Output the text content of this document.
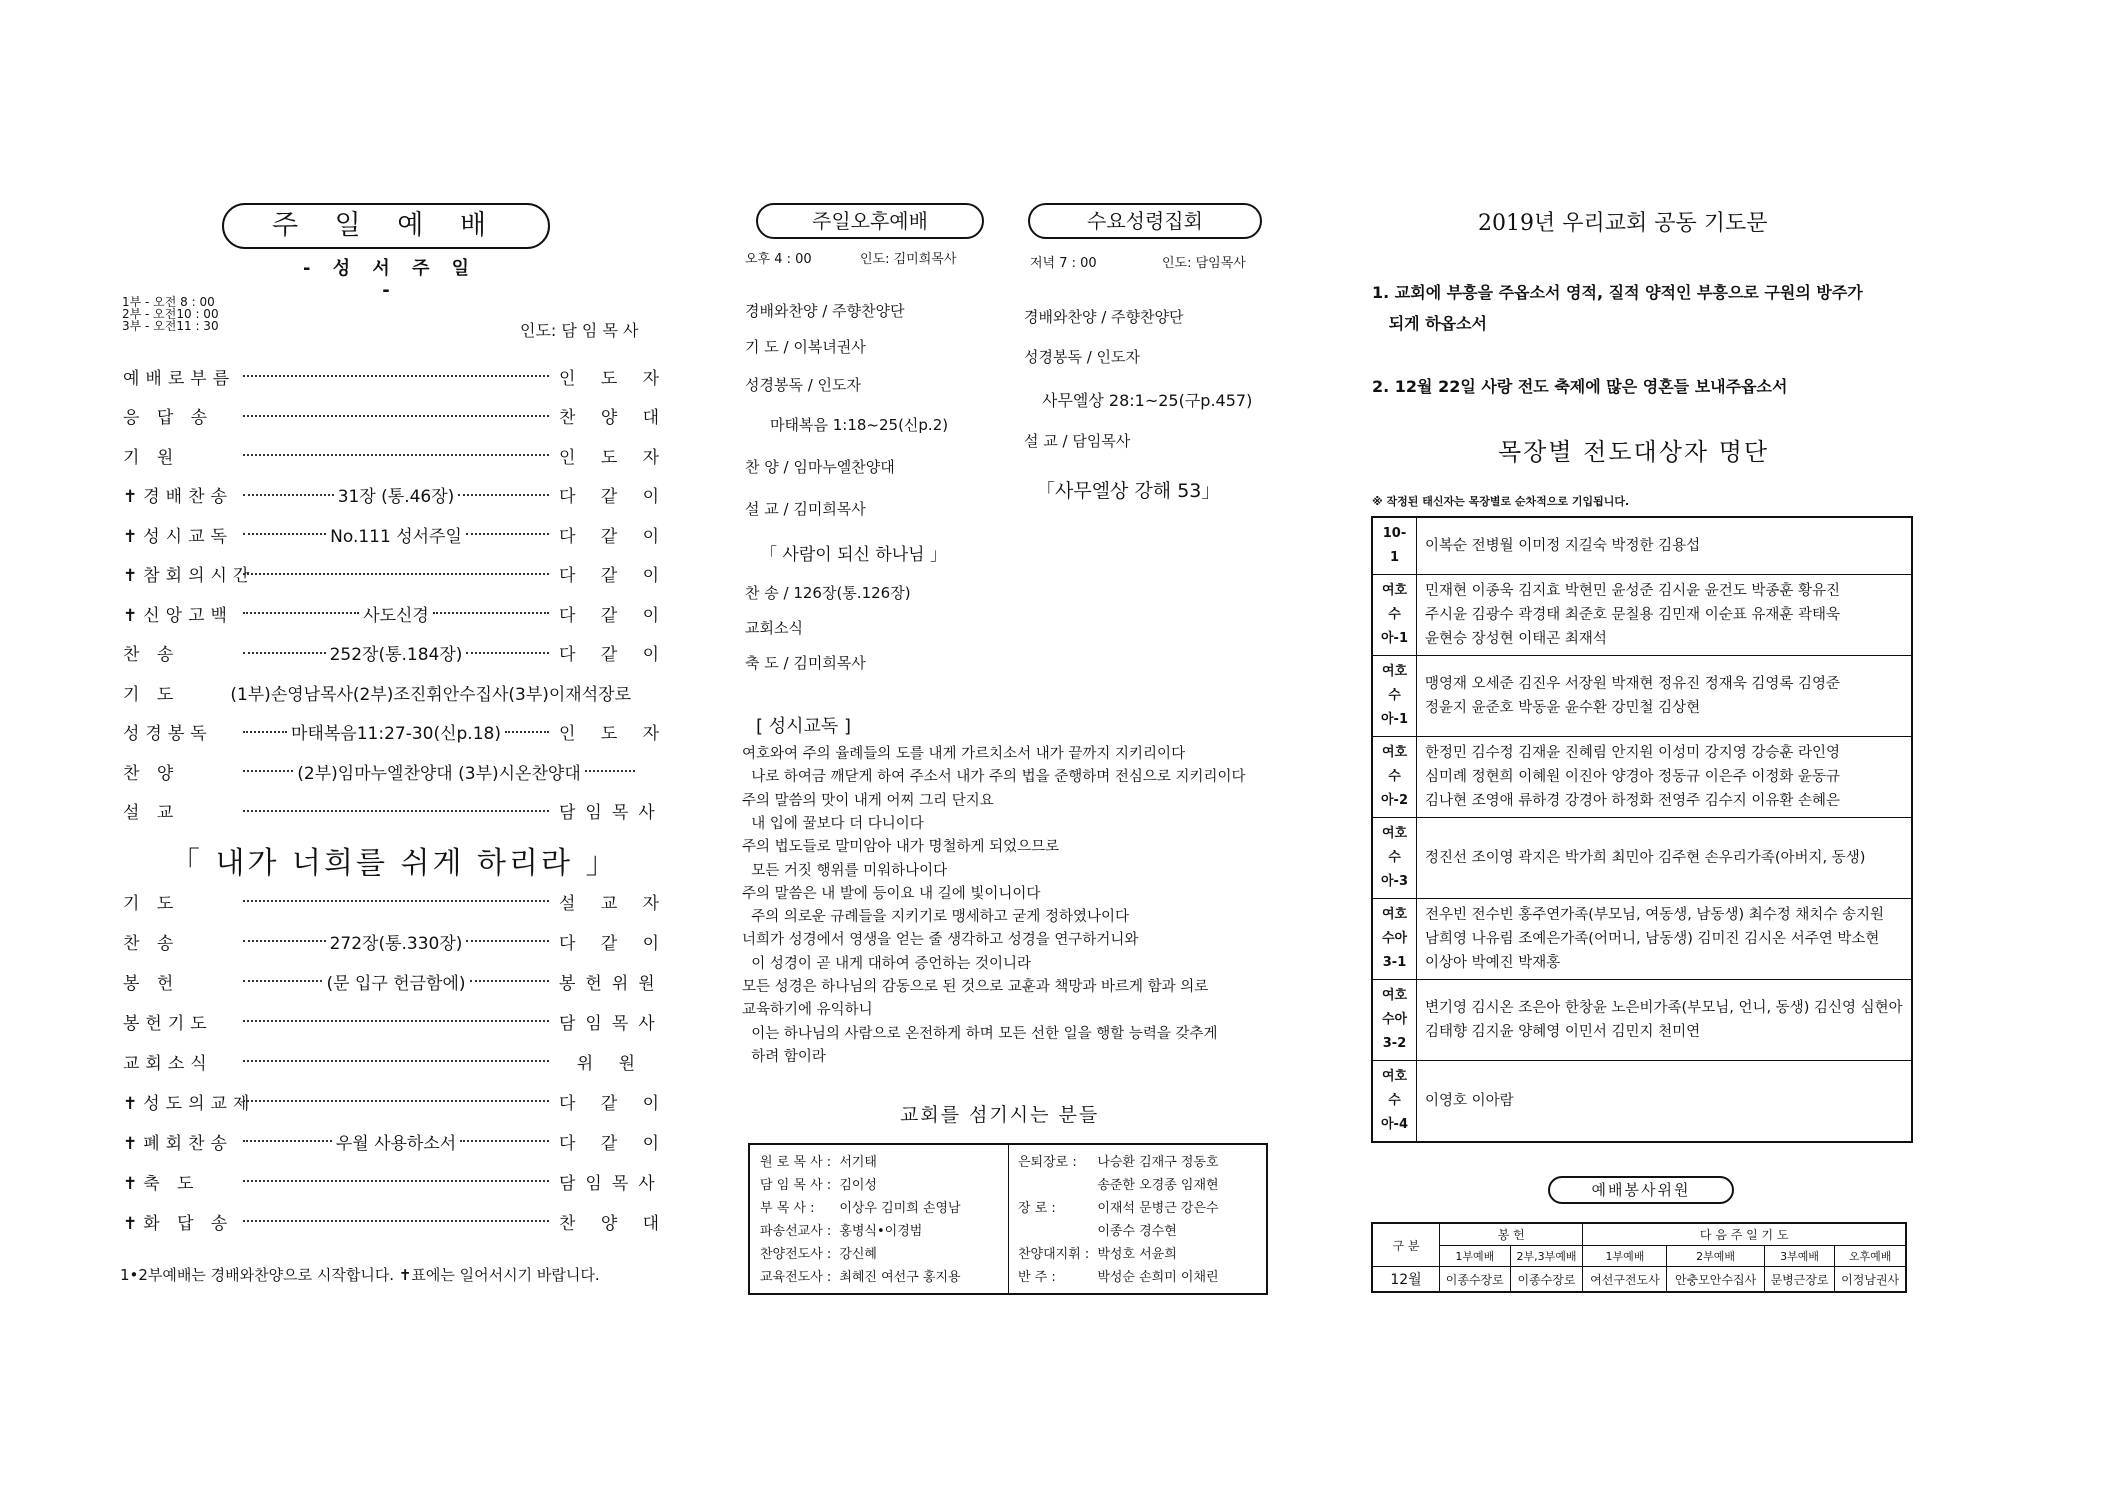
주 일 예 배
- 성 서 주 일 -
1부 - 오전 8 : 00
2부 - 오전10 : 00
3부 - 오전11 : 30	인도: 담 임 목 사
예배로부름	인 도 자
응 답 송	찬 양 대
기 원	인 도 자
✝경배찬송	31장 (통.46장)	다 같 이
✝성시교독	No.111 성서주일	다 같 이
✝참회의시간	다 같 이
✝신앙고백	사도신경	다 같 이
찬 송	252장(통.184장)	다 같 이
기 도	(1부)손영남목사(2부)조진휘안수집사(3부)이재석장로
성경봉독	마태복음11:27-30(신p.18)	인 도 자
찬 양	(2부)임마누엘찬양대 (3부)시온찬양대
설 교	담임목사
「 내가 너희를 쉬게 하리라 」
기 도	설 교 자
찬 송	272장(통.330장)	다 같 이
봉 헌	(문 입구 헌금함에)	봉헌위원
봉헌기도	담임목사
교회소식	위 원
✝성도의교제	다 같 이
✝폐회찬송	우월 사용하소서	다 같 이
✝축 도	담임목사
✝화 답 송	찬 양 대
1•2부예배는 경배와찬양으로 시작합니다. ✝표에는 일어서시기 바랍니다.
주일오후예배
오후 4 : 00	인도: 김미희목사
경배와찬양 / 주향찬양단
기 도 / 이복녀권사
성경봉독 / 인도자
마태복음 1:18~25(신p.2)
찬 양 / 임마누엘찬양대
설 교 / 김미희목사
「 사람이 되신 하나님 」
찬 송 / 126장(통.126장)
교회소식
축 도 / 김미희목사
수요성령집회
저녁 7 : 00	인도: 담임목사
경배와찬양 / 주향찬양단
성경봉독 / 인도자
사무엘상 28:1~25(구p.457)
설 교 / 담임목사
「사무엘상 강해 53」
[ 성시교독 ]
여호와여 주의 율례들의 도를 내게 가르치소서 내가 끝까지 지키리이다
나로 하여금 깨닫게 하여 주소서 내가 주의 법을 준행하며 전심으로 지키리이다
주의 말씀의 맛이 내게 어찌 그리 단지요
내 입에 꿀보다 더 다니이다
주의 법도들로 말미암아 내가 명철하게 되었으므로
모든 거짓 행위를 미워하나이다
주의 말씀은 내 발에 등이요 내 길에 빛이니이다
주의 의로운 규례들을 지키기로 맹세하고 굳게 정하였나이다
너희가 성경에서 영생을 얻는 줄 생각하고 성경을 연구하거니와
이 성경이 곧 내게 대하여 증언하는 것이니라
모든 성경은 하나님의 감동으로 된 것으로 교훈과 책망과 바르게 함과 의로
교육하기에 유익하니
이는 하나님의 사람으로 온전하게 하며 모든 선한 일을 행할 능력을 갖추게
하려 함이라
교회를 섬기시는 분들
원 로 목 사 :	서기태
담 임 목 사 :	김이성
부 목 사 :	이상우 김미희 손영남
파송선교사 :	홍병식•이경범
찬양전도사 :	강신혜
교육전도사 :	최혜진 여선구 홍지용
은퇴장로 :	나승환 김재구 정동호
	송준한 오경종 임재현
장 로 :	이재석 문병근 강은수
	이종수 경수현
찬양대지휘 :	박성호 서윤희
반 주 :	박성순 손희미 이채린
2019년 우리교회 공동 기도문
1. 교회에 부흥을 주옵소서 영적, 질적 양적인 부흥으로 구원의 방주가
되게 하옵소서
2. 12월 22일 사랑 전도 축제에 많은 영혼들 보내주옵소서
목장별 전도대상자 명단
※ 작정된 태신자는 목장별로 순차적으로 기입됩니다.
10-1	이복순 전병월 이미정 지길숙 박정한 김용섭

여호수아-1	민재현 이종욱 김지효 박현민 윤성준 김시윤 윤건도 박종훈 황유진
주시윤 김광수 곽경태 최준호 문칠용 김민재 이순표 유재훈 곽태욱
윤현승 장성현 이태곤 최재석

여호수아-1	맹영재 오세준 김진우 서장원 박재현 정유진 정재욱 김영록 김영준
정윤지 윤준호 박동윤 윤수환 강민철 김상현

여호수아-2	한정민 김수정 김재윤 진혜림 안지원 이성미 강지영 강승훈 라인영
심미례 정현희 이혜원 이진아 양경아 정동규 이은주 이정화 윤동규
김나현 조영애 류하경 강경아 하정화 전영주 김수지 이유환 손혜은

여호수아-3	정진선 조이영 곽지은 박가희 최민아 김주현 손우리가족(아버지, 동생)

여호수아3-1	전우빈 전수빈 홍주연가족(부모님, 여동생, 남동생) 최수정 채치수 송지원
남희영 나유림 조예은가족(어머니, 남동생) 김미진 김시온 서주연 박소현
이상아 박예진 박재홍

여호수아3-2	변기영 김시온 조은아 한창윤 노은비가족(부모님, 언니, 동생) 김신영 심현아
김태향 김지윤 양혜영 이민서 김민지 천미연

여호수아-4	이영호 이아람
예배봉사위원
구 분	봉 헌		다 음 주 일 기 도			
	1부예배	2부,3부예배	1부예배	2부예배	3부예배	오후예배
12월	이종수장로	이종수장로	여선구전도사	안충모안수집사	문병근장로	이정남권사
